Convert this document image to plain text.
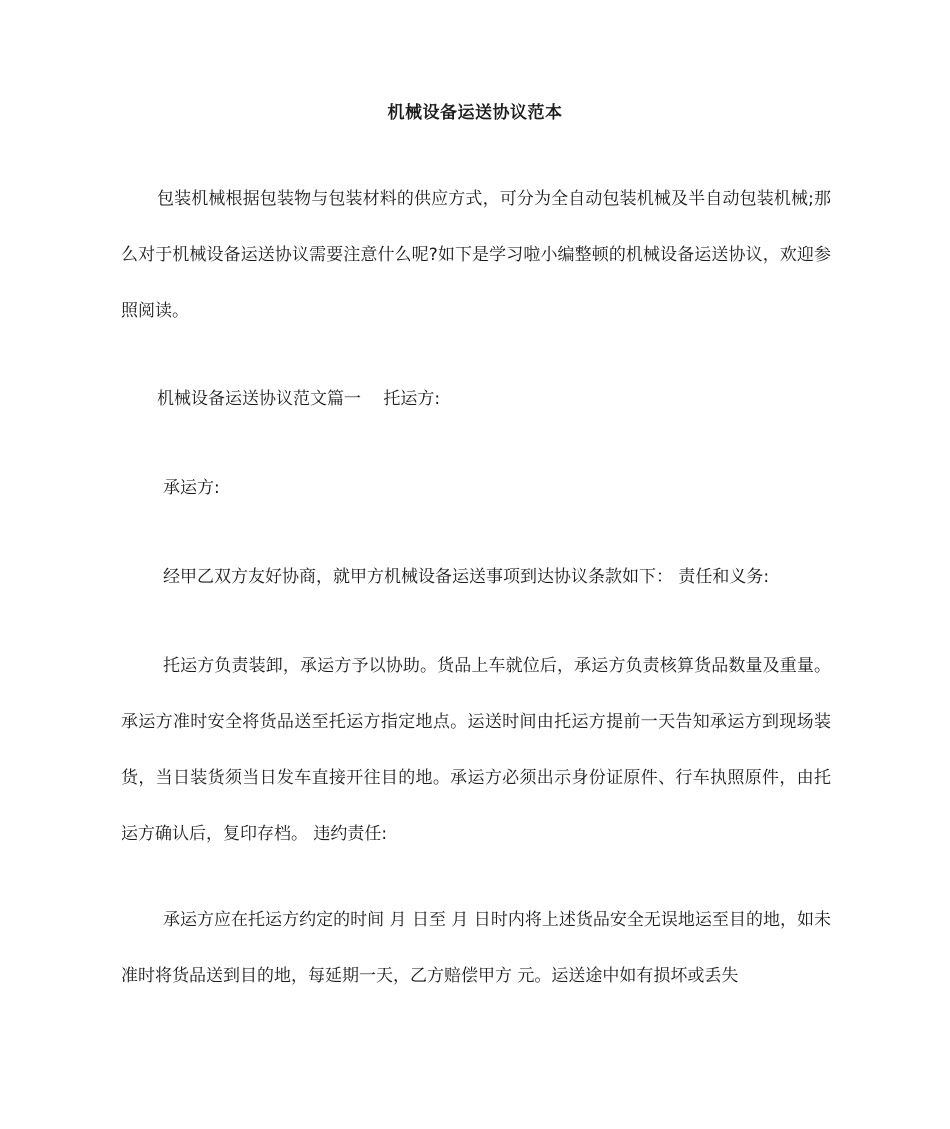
机械设备运送协议范本

包装机械根据包装物与包装材料的供应方式，可分为全自动包装机械及半自动包装机械;那么对于机械设备运送协议需要注意什么呢?如下是学习啦小编整顿的机械设备运送协议，欢迎参照阅读。

机械设备运送协议范文篇一　 托运方:

承运方:

经甲乙双方友好协商，就甲方机械设备运送事项到达协议条款如下： 责任和义务:

托运方负责装卸，承运方予以协助。货品上车就位后，承运方负责核算货品数量及重量。承运方准时安全将货品送至托运方指定地点。运送时间由托运方提前一天告知承运方到现场装货，当日装货须当日发车直接开往目的地。承运方必须出示身份证原件、行车执照原件，由托运方确认后，复印存档。 违约责任:

承运方应在托运方约定的时间 月 日至 月 日时内将上述货品安全无误地运至目的地，如未准时将货品送到目的地，每延期一天，乙方赔偿甲方 元。运送途中如有损坏或丢失
